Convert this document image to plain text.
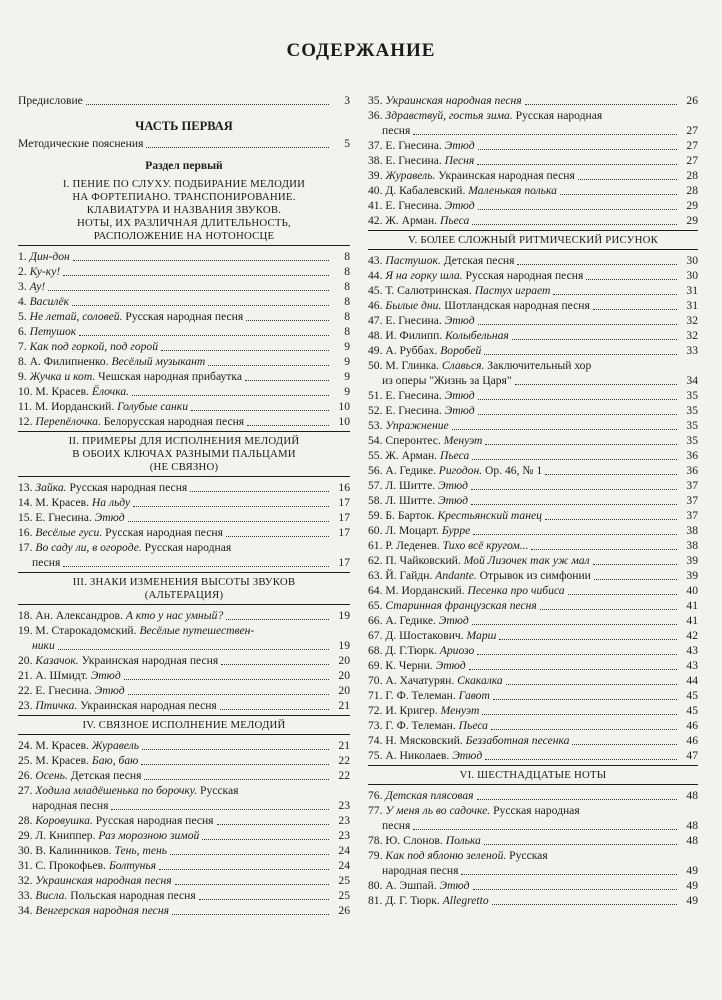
СОДЕРЖАНИЕ
Предисловие	3
ЧАСТЬ ПЕРВАЯ
Методические пояснения	5
Раздел первый
I. ПЕНИЕ ПО СЛУХУ. ПОДБИРАНИЕ МЕЛОДИИ
НА ФОРТЕПИАНО. ТРАНСПОНИРОВАНИЕ.
КЛАВИАТУРА И НАЗВАНИЯ ЗВУКОВ.
НОТЫ, ИХ РАЗЛИЧНАЯ ДЛИТЕЛЬНОСТЬ,
РАСПОЛОЖЕНИЕ НА НОТОНОСЦЕ
1. Дин-дон	8
2. Ку-ку!	8
3. Ау!	8
4. Василёк	8
5. Не летай, соловей. Русская народная песня	8
6. Петушок	8
7. Как под горкой, под горой	9
8. А. Филипненко. Весёлый музыкант	9
9. Жучка и кот. Чешская народная прибаутка	9
10. М. Красев. Ёлочка.	9
11. М. Иорданский. Голубые санки	10
12. Перепёлочка. Белорусская народная песня	10
II. ПРИМЕРЫ ДЛЯ ИСПОЛНЕНИЯ МЕЛОДИЙ
В ОБОИХ КЛЮЧАХ РАЗНЫМИ ПАЛЬЦАМИ
(НЕ СВЯЗНО)
13. Зайка. Русская народная песня	16
14. М. Красев. На льду	17
15. Е. Гнесина. Этюд	17
16. Весёлые гуси. Русская народная песня	17
17. Во саду ли, в огороде. Русская народная
песня	17
III. ЗНАКИ ИЗМЕНЕНИЯ ВЫСОТЫ ЗВУКОВ
(АЛЬТЕРАЦИЯ)
18. Ан. Александров. А кто у нас умный?	19
19. М. Старокадомский. Весёлые путешествен-
ники	19
20. Казачок. Украинская народная песня	20
21. А. Шмидт. Этюд	20
22. Е. Гнесина. Этюд	20
23. Птичка. Украинская народная песня	21
IV. СВЯЗНОЕ ИСПОЛНЕНИЕ МЕЛОДИЙ
24. М. Красев. Журавель	21
25. М. Красев. Баю, баю	22
26. Осень. Детская песня	22
27. Ходила младёшенька по борочку. Русская
народная песня	23
28. Коровушка. Русская народная песня	23
29. Л. Книппер. Раз морозною зимой	23
30. В. Калинников. Тень, тень	24
31. С. Прокофьев. Болтунья	24
32. Украинская народная песня	25
33. Висла. Польская народная песня	25
34. Венгерская народная песня	26
35. Украинская народная песня	26
36. Здравствуй, гостья зима. Русская народная
песня	27
37. Е. Гнесина. Этюд	27
38. Е. Гнесина. Песня	27
39. Журавель. Украинская народная песня	28
40. Д. Кабалевский. Маленькая полька	28
41. Е. Гнесина. Этюд	29
42. Ж. Арман. Пьеса	29
V. БОЛЕЕ СЛОЖНЫЙ РИТМИЧЕСКИЙ РИСУНОК
43. Пастушок. Детская песня	30
44. Я на горку шла. Русская народная песня	30
45. Т. Салютринская. Пастух играет	31
46. Былые дни. Шотландская народная песня	31
47. Е. Гнесина. Этюд	32
48. И. Филипп. Колыбельная	32
49. А. Руббах. Воробей	33
50. М. Глинка. Славься. Заключительный хор
из оперы "Жизнь за Царя"	34
51. Е. Гнесина. Этюд	35
52. Е. Гнесина. Этюд	35
53. Упражнение	35
54. Сперонтес. Менуэт	35
55. Ж. Арман. Пьеса	36
56. А. Гедике. Ригодон. Ор. 46, № 1	36
57. Л. Шитте. Этюд	37
58. Л. Шитте. Этюд	37
59. Б. Барток. Крестьянский танец	37
60. Л. Моцарт. Бурре	38
61. Р. Леденев. Тихо всё кругом...	38
62. П. Чайковский. Мой Лизочек так уж мал	39
63. Й. Гайдн. Andante. Отрывок из симфонии	39
64. М. Иорданский. Песенка про чибиса	40
65. Старинная французская песня	41
66. А. Гедике. Этюд	41
67. Д. Шостакович. Марш	42
68. Д. Г.Тюрк. Ариозо	43
69. К. Черни. Этюд	43
70. А. Хачатурян. Скакалка	44
71. Г. Ф. Телеман. Гавот	45
72. И. Кригер. Менуэт	45
73. Г. Ф. Телеман. Пьеса	46
74. Н. Мясковский. Беззаботная песенка	46
75. А. Николаев. Этюд	47
VI. ШЕСТНАДЦАТЫЕ НОТЫ
76. Детская плясовая	48
77. У меня ль во садочке. Русская народная
песня	48
78. Ю. Слонов. Полька	48
79. Как под яблоню зеленой. Русская
народная песня	49
80. А. Эшпай. Этюд	49
81. Д. Г. Тюрк. Allegretto	49
